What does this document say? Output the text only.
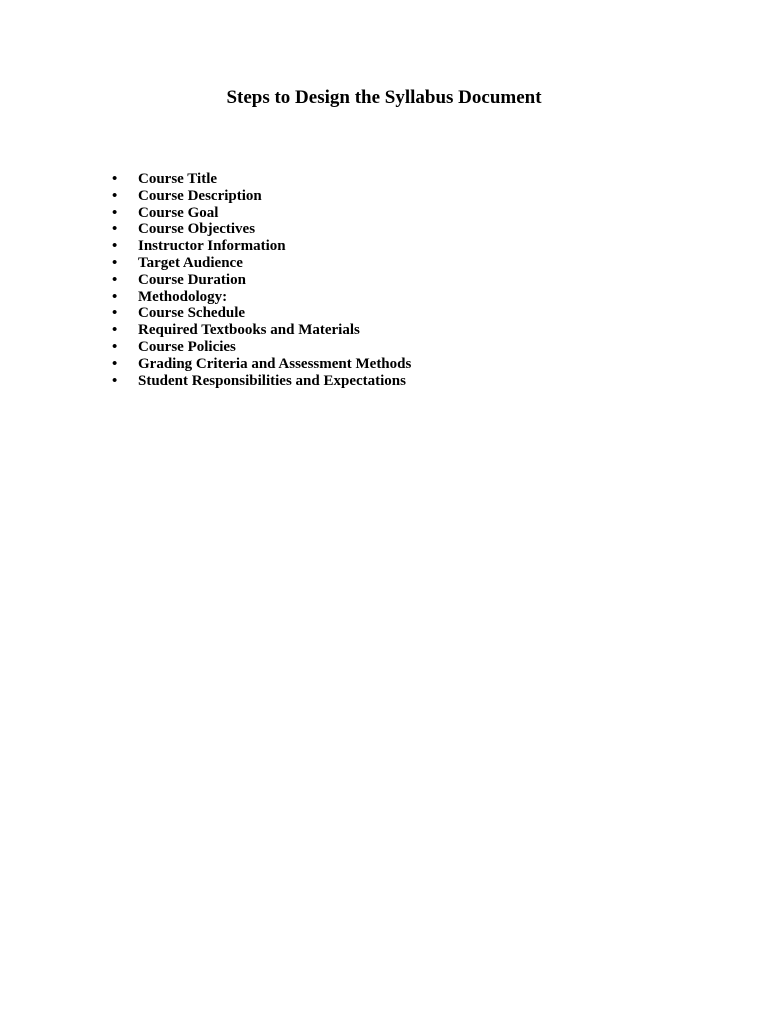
Steps to Design the Syllabus Document
•	Course Title
•	Course Description
•	Course Goal
•	Course Objectives
•	Instructor Information
•	Target Audience
•	Course Duration
•	Methodology:
•	Course Schedule
•	Required Textbooks and Materials
•	Course Policies
•	Grading Criteria and Assessment Methods
•	Student Responsibilities and Expectations
